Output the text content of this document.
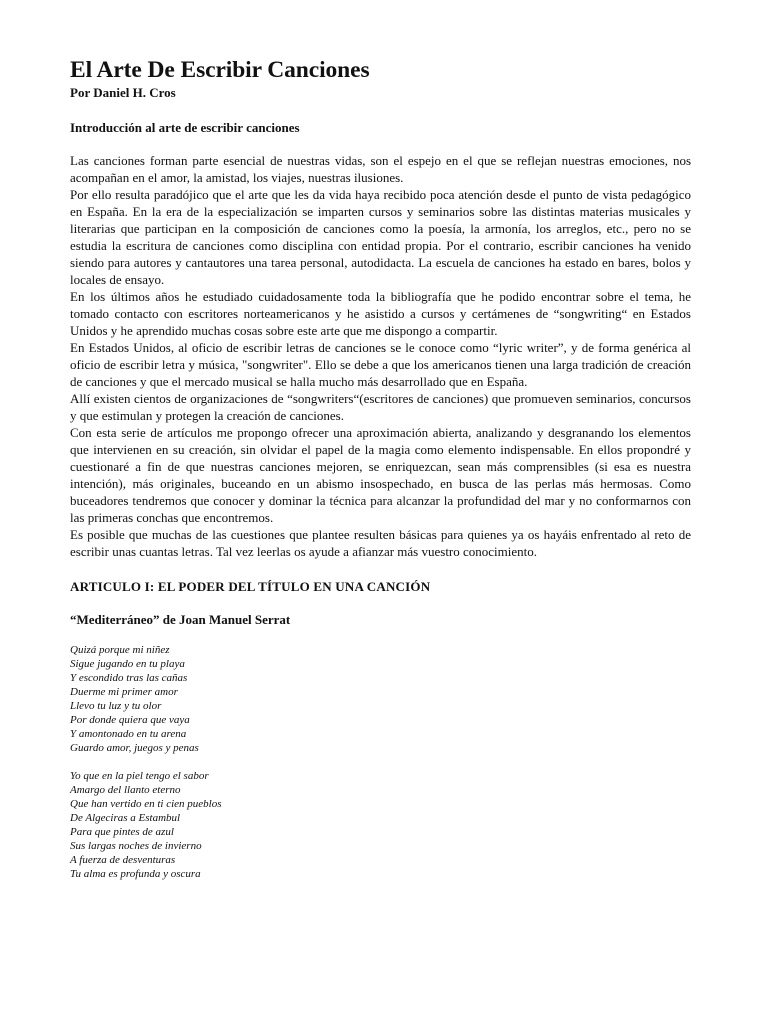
El Arte De Escribir Canciones

Por Daniel H. Cros

Introducción al arte de escribir canciones

Las canciones forman parte esencial de nuestras vidas, son el espejo en el que se reflejan nuestras emociones, nos acompañan en el amor, la amistad, los viajes, nuestras ilusiones.

Por ello resulta paradójico que el arte que les da vida haya recibido poca atención desde el punto de vista pedagógico en España. En la era de la especialización se imparten cursos y seminarios sobre las distintas materias musicales y literarias que participan en la composición de canciones como la poesía, la armonía, los arreglos, etc., pero no se estudia la escritura de canciones como disciplina con entidad propia. Por el contrario, escribir canciones ha venido siendo para autores y cantautores una tarea personal, autodidacta. La escuela de canciones ha estado en bares, bolos y locales de ensayo.

En los últimos años he estudiado cuidadosamente toda la bibliografía que he podido encontrar sobre el tema, he tomado contacto con escritores norteamericanos y he asistido a cursos y certámenes de “songwriting“ en Estados Unidos y he aprendido muchas cosas sobre este arte que me dispongo a compartir.

En Estados Unidos, al oficio de escribir letras de canciones se le conoce como “lyric writer”, y de forma genérica al oficio de escribir letra y música, "songwriter". Ello se debe a que los americanos tienen una larga tradición de creación de canciones y que el mercado musical se halla mucho más desarrollado que en España.

Allí existen cientos de organizaciones de “songwriters“(escritores de canciones) que promueven seminarios, concursos y que estimulan y protegen la creación de canciones.

Con esta serie de artículos me propongo ofrecer una aproximación abierta, analizando y desgranando los elementos que intervienen en su creación, sin olvidar el papel de la magia como elemento indispensable. En ellos propondré y cuestionaré a fin de que nuestras canciones mejoren, se enriquezcan, sean más comprensibles (si esa es nuestra intención), más originales, buceando en un abismo insospechado, en busca de las perlas más hermosas. Como buceadores tendremos que conocer y dominar la técnica para alcanzar la profundidad del mar y no conformarnos con las primeras conchas que encontremos.

Es posible que muchas de las cuestiones que plantee resulten básicas para quienes ya os hayáis enfrentado al reto de escribir unas cuantas letras. Tal vez leerlas os ayude a afianzar más vuestro conocimiento.

ARTICULO I: EL PODER DEL TÍTULO EN UNA CANCIÓN

“Mediterráneo” de Joan Manuel Serrat

Quizá porque mi niñez
Sigue jugando en tu playa
Y escondido tras las cañas
Duerme mi primer amor
Llevo tu luz y tu olor
Por donde quiera que vaya
Y amontonado en tu arena
Guardo amor, juegos y penas
Yo que en la piel tengo el sabor
Amargo del llanto eterno
Que han vertido en ti cien pueblos
De Algeciras a Estambul
Para que pintes de azul
Sus largas noches de invierno
A fuerza de desventuras
Tu alma es profunda y oscura
